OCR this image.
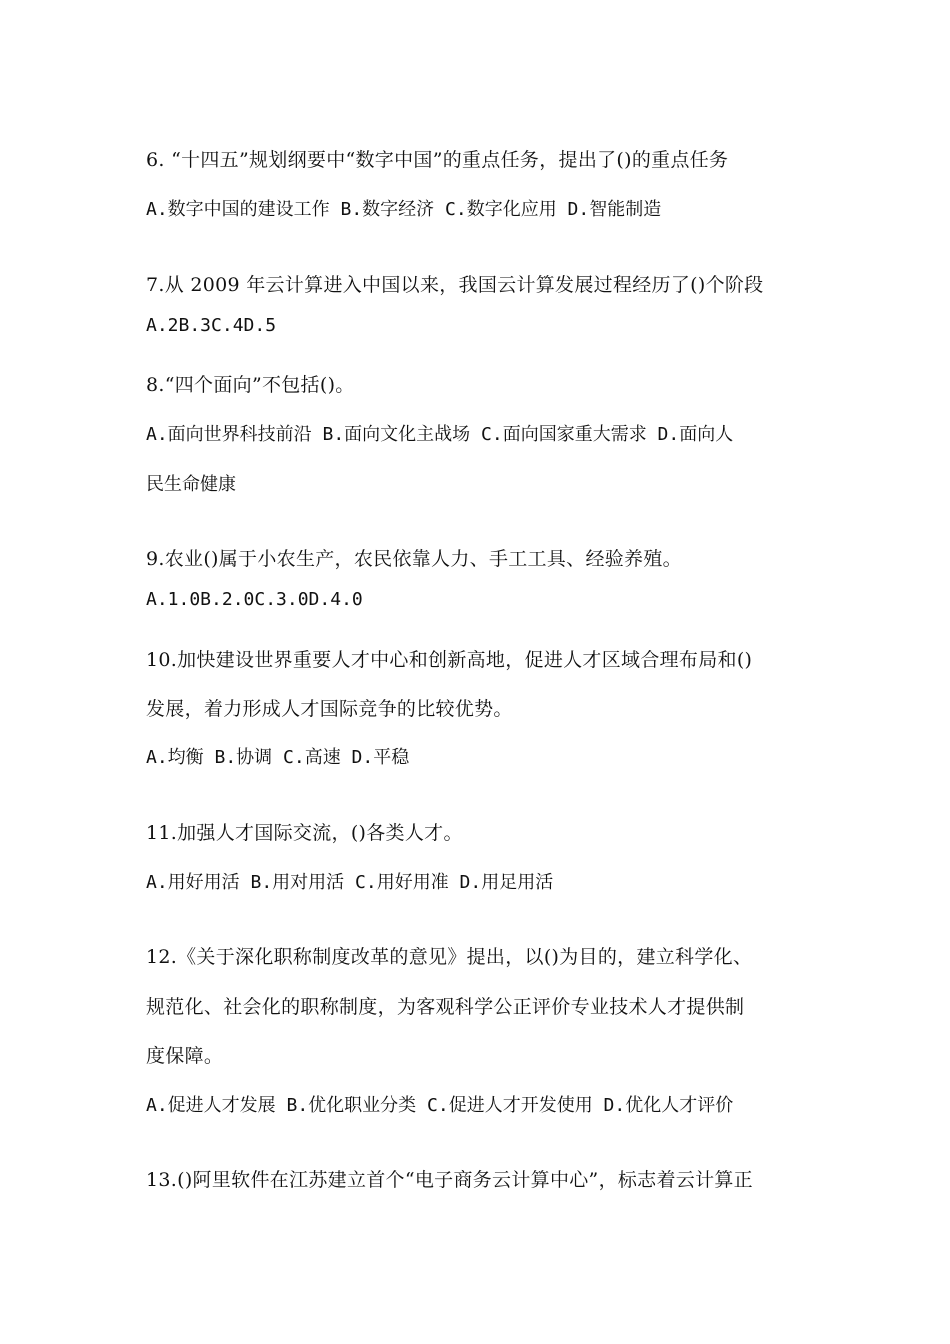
6. “十四五”规划纲要中“数字中国”的重点任务，提出了()的重点任务
A.数字中国的建设工作 B.数字经济 C.数字化应用 D.智能制造
7.从 2009 年云计算进入中国以来，我国云计算发展过程经历了()个阶段
A.2B.3C.4D.5
8.“四个面向”不包括()。
A.面向世界科技前沿 B.面向文化主战场 C.面向国家重大需求 D.面向人
民生命健康
9.农业()属于小农生产，农民依靠人力、手工工具、经验养殖。
A.1.0B.2.0C.3.0D.4.0
10.加快建设世界重要人才中心和创新高地，促进人才区域合理布局和()
发展，着力形成人才国际竞争的比较优势。
A.均衡 B.协调 C.高速 D.平稳
11.加强人才国际交流，()各类人才。
A.用好用活 B.用对用活 C.用好用准 D.用足用活
12.《关于深化职称制度改革的意见》提出，以()为目的，建立科学化、
规范化、社会化的职称制度，为客观科学公正评价专业技术人才提供制
度保障。
A.促进人才发展 B.优化职业分类 C.促进人才开发使用 D.优化人才评价
13.()阿里软件在江苏建立首个“电子商务云计算中心”，标志着云计算正
